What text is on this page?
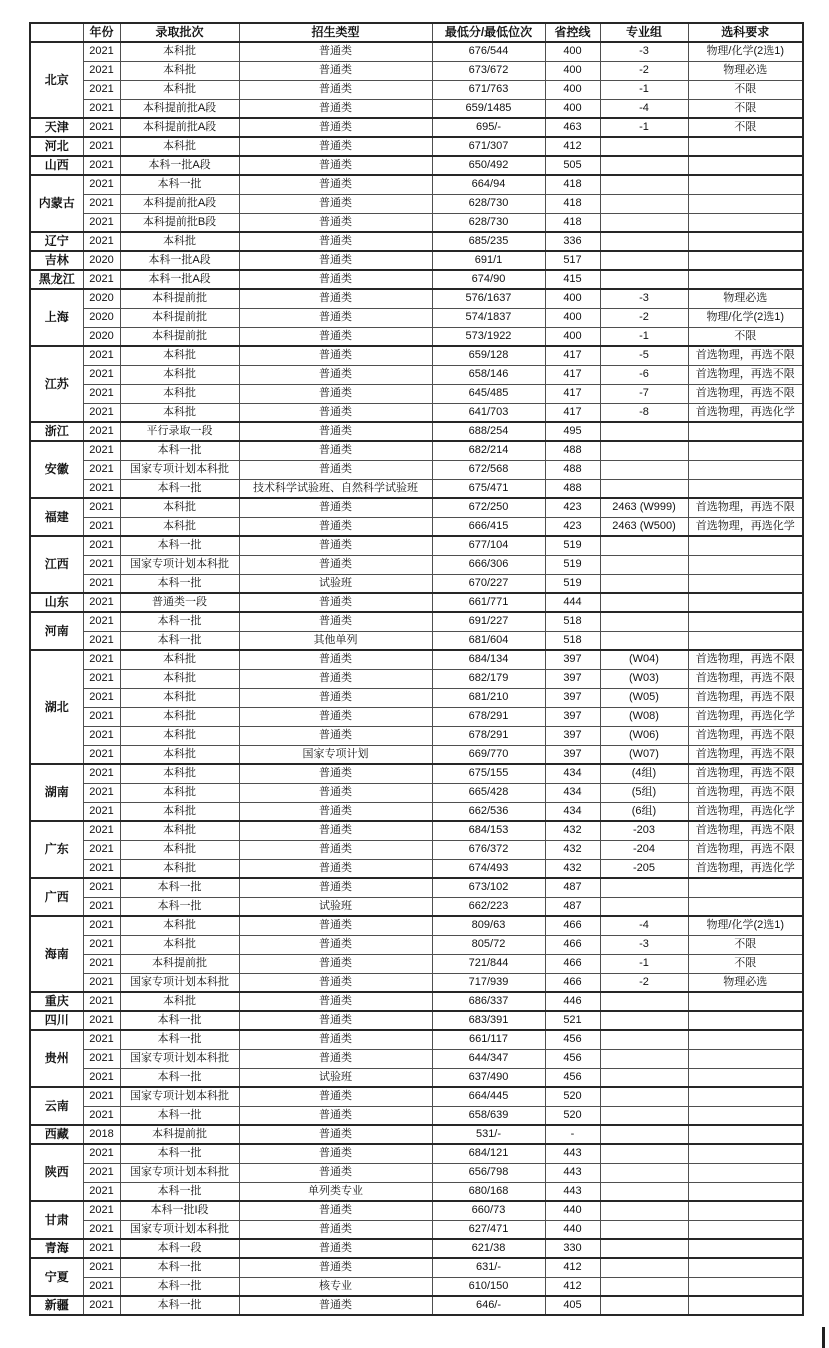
	年份	录取批次	招生类型	最低分/最低位次	省控线	专业组	选科要求
北京	2021	本科批	普通类	676/544	400	-3	物理/化学(2选1)
	2021	本科批	普通类	673/672	400	-2	物理必选
	2021	本科批	普通类	671/763	400	-1	不限
	2021	本科提前批A段	普通类	659/1485	400	-4	不限
天津	2021	本科提前批A段	普通类	695/-	463	-1	不限
河北	2021	本科批	普通类	671/307	412		
山西	2021	本科一批A段	普通类	650/492	505		
内蒙古	2021	本科一批	普通类	664/94	418		
	2021	本科提前批A段	普通类	628/730	418		
	2021	本科提前批B段	普通类	628/730	418		
辽宁	2021	本科批	普通类	685/235	336		
吉林	2020	本科一批A段	普通类	691/1	517		
黑龙江	2021	本科一批A段	普通类	674/90	415		
上海	2020	本科提前批	普通类	576/1637	400	-3	物理必选
	2020	本科提前批	普通类	574/1837	400	-2	物理/化学(2选1)
	2020	本科提前批	普通类	573/1922	400	-1	不限
江苏	2021	本科批	普通类	659/128	417	-5	首选物理，再选不限
	2021	本科批	普通类	658/146	417	-6	首选物理，再选不限
	2021	本科批	普通类	645/485	417	-7	首选物理，再选不限
	2021	本科批	普通类	641/703	417	-8	首选物理，再选化学
浙江	2021	平行录取一段	普通类	688/254	495		
安徽	2021	本科一批	普通类	682/214	488		
	2021	国家专项计划本科批	普通类	672/568	488		
	2021	本科一批	技术科学试验班、自然科学试验班	675/471	488		
福建	2021	本科批	普通类	672/250	423	2463 (W999)	首选物理，再选不限
	2021	本科批	普通类	666/415	423	2463 (W500)	首选物理，再选化学
江西	2021	本科一批	普通类	677/104	519		
	2021	国家专项计划本科批	普通类	666/306	519		
	2021	本科一批	试验班	670/227	519		
山东	2021	普通类一段	普通类	661/771	444		
河南	2021	本科一批	普通类	691/227	518		
	2021	本科一批	其他单列	681/604	518		
湖北	2021	本科批	普通类	684/134	397	(W04)	首选物理，再选不限
	2021	本科批	普通类	682/179	397	(W03)	首选物理，再选不限
	2021	本科批	普通类	681/210	397	(W05)	首选物理，再选不限
	2021	本科批	普通类	678/291	397	(W08)	首选物理，再选化学
	2021	本科批	普通类	678/291	397	(W06)	首选物理，再选不限
	2021	本科批	国家专项计划	669/770	397	(W07)	首选物理，再选不限
湖南	2021	本科批	普通类	675/155	434	(4组)	首选物理，再选不限
	2021	本科批	普通类	665/428	434	(5组)	首选物理，再选不限
	2021	本科批	普通类	662/536	434	(6组)	首选物理，再选化学
广东	2021	本科批	普通类	684/153	432	-203	首选物理，再选不限
	2021	本科批	普通类	676/372	432	-204	首选物理，再选不限
	2021	本科批	普通类	674/493	432	-205	首选物理，再选化学
广西	2021	本科一批	普通类	673/102	487		
	2021	本科一批	试验班	662/223	487		
海南	2021	本科批	普通类	809/63	466	-4	物理/化学(2选1)
	2021	本科批	普通类	805/72	466	-3	不限
	2021	本科提前批	普通类	721/844	466	-1	不限
	2021	国家专项计划本科批	普通类	717/939	466	-2	物理必选
重庆	2021	本科批	普通类	686/337	446		
四川	2021	本科一批	普通类	683/391	521		
贵州	2021	本科一批	普通类	661/117	456		
	2021	国家专项计划本科批	普通类	644/347	456		
	2021	本科一批	试验班	637/490	456		
云南	2021	国家专项计划本科批	普通类	664/445	520		
	2021	本科一批	普通类	658/639	520		
西藏	2018	本科提前批	普通类	531/-	-		
陕西	2021	本科一批	普通类	684/121	443		
	2021	国家专项计划本科批	普通类	656/798	443		
	2021	本科一批	单列类专业	680/168	443		
甘肃	2021	本科一批I段	普通类	660/73	440		
	2021	国家专项计划本科批	普通类	627/471	440		
青海	2021	本科一段	普通类	621/38	330		
宁夏	2021	本科一批	普通类	631/-	412		
	2021	本科一批	核专业	610/150	412		
新疆	2021	本科一批	普通类	646/-	405		
